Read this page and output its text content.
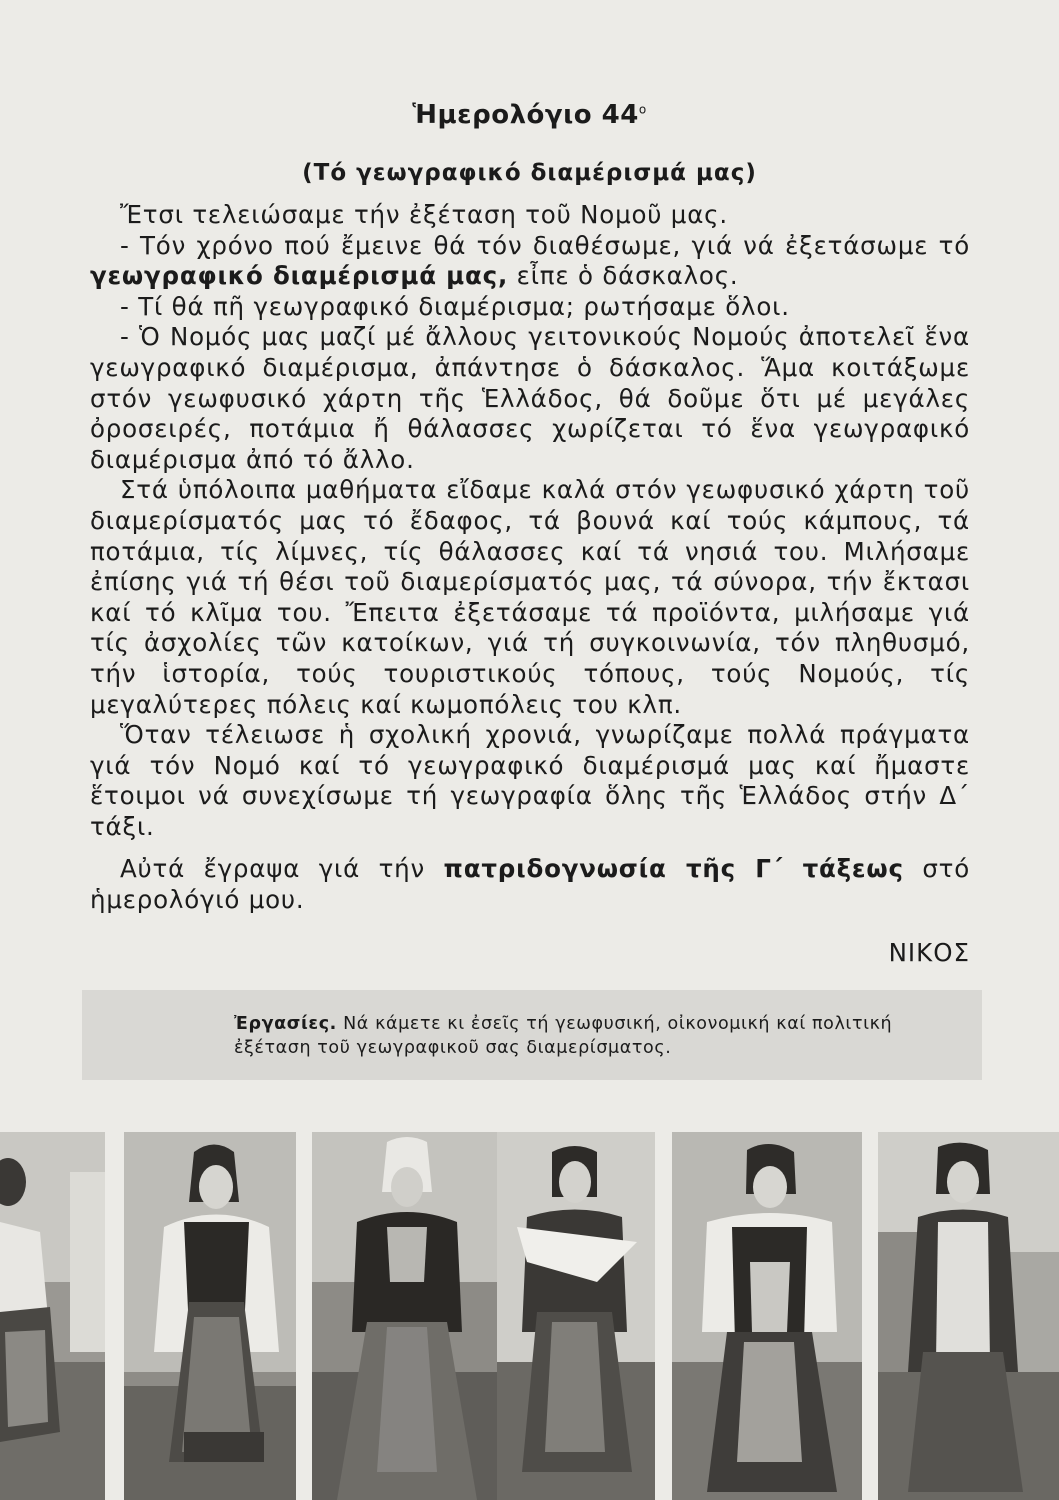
Ἡμερολόγιο $44^o$
(Τό γεωγραφικό διαμέρισμά μας)

Ἔτσι τελειώσαμε τήν ἐξέταση τοῦ Νομοῦ μας.

- Τόν χρόνο πού ἔμεινε θά τόν διαθέσωμε, γιά νά ἐξετάσωμε τό γεωγραφικό διαμέρισμά μας, εἶπε ὁ δάσκαλος.

- Τί θά πῆ γεωγραφικό διαμέρισμα; ρωτήσαμε ὅλοι.

- Ὁ Νομός μας μαζί μέ ἄλλους γειτονικούς Νομούς ἀποτελεῖ ἕνα γεωγραφικό διαμέρισμα, ἀπάντησε ὁ δάσκαλος. Ἅμα κοιτάξωμε στόν γεωφυσικό χάρτη τῆς Ἑλλάδος, θά δοῦμε ὅτι μέ μεγάλες ὀροσειρές, ποτάμια ἤ θάλασσες χωρίζεται τό ἕνα γεωγραφικό διαμέρισμα ἀπό τό ἄλλο.

Στά ὑπόλοιπα μαθήματα εἴδαμε καλά στόν γεωφυσικό χάρτη τοῦ διαμερίσματός μας τό ἔδαφος, τά βουνά καί τούς κάμπους, τά ποτάμια, τίς λίμνες, τίς θάλασσες καί τά νησιά του. Μιλήσαμε ἐπίσης γιά τή θέσι τοῦ διαμερίσματός μας, τά σύνορα, τήν ἔκτασι καί τό κλῖμα του. Ἔπειτα ἐξετάσαμε τά προϊόντα, μιλήσαμε γιά τίς ἀσχολίες τῶν κατοίκων, γιά τή συγκοινωνία, τόν πληθυσμό, τήν ἱστορία, τούς τουριστικούς τόπους, τούς Νομούς, τίς μεγαλύτερες πόλεις καί κωμοπόλεις του κλπ.

Ὅταν τέλειωσε ἡ σχολική χρονιά, γνωρίζαμε πολλά πράγματα γιά τόν Νομό καί τό γεωγραφικό διαμέρισμά μας καί ἤμαστε ἕτοιμοι νά συνεχίσωμε τή γεωγραφία ὅλης τῆς Ἑλλάδος στήν Δ΄ τάξι.

Αὐτά ἔγραψα γιά τήν πατριδογνωσία τῆς Γ΄ τάξεως στό ἡμερολόγιό μου.

ΝΙΚΟΣ
Ἐργασίες. Νά κάμετε κι ἐσεῖς τή γεωφυσική, οἰκονομική καί πολιτική ἐξέταση τοῦ γεωγραφικοῦ σας διαμερίσματος.
